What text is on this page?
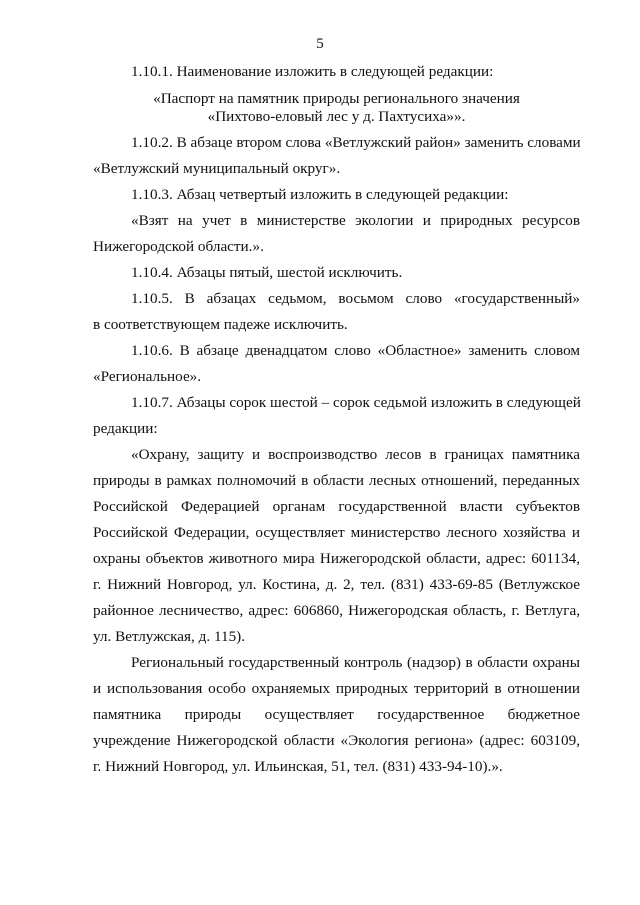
5
1.10.1. Наименование изложить в следующей редакции:
«Паспорт на памятник природы регионального значения
«Пихтово-еловый лес у д. Пахтусиха»».
1.10.2. В абзаце втором слова «Ветлужский район» заменить словами
«Ветлужский муниципальный округ».
1.10.3. Абзац четвертый изложить в следующей редакции:
«Взят на учет в министерстве экологии и природных ресурсов
Нижегородской области.».
1.10.4. Абзацы пятый, шестой исключить.
1.10.5. В абзацах седьмом, восьмом слово «государственный»
в соответствующем падеже исключить.
1.10.6. В абзаце двенадцатом слово «Областное» заменить словом
«Региональное».
1.10.7. Абзацы сорок шестой – сорок седьмой изложить в следующей
редакции:
«Охрану, защиту и воспроизводство лесов в границах памятника
природы в рамках полномочий в области лесных отношений, переданных
Российской Федерацией органам государственной власти субъектов
Российской Федерации, осуществляет министерство лесного хозяйства и
охраны объектов животного мира Нижегородской области, адрес: 601134,
г. Нижний Новгород, ул. Костина, д. 2, тел. (831) 433-69-85 (Ветлужское
районное лесничество, адрес: 606860, Нижегородская область, г. Ветлуга,
ул. Ветлужская, д. 115).
Региональный государственный контроль (надзор) в области охраны
и использования особо охраняемых природных территорий в отношении
памятника природы осуществляет государственное бюджетное
учреждение Нижегородской области «Экология региона» (адрес: 603109,
г. Нижний Новгород, ул. Ильинская, 51, тел. (831) 433-94-10).».
